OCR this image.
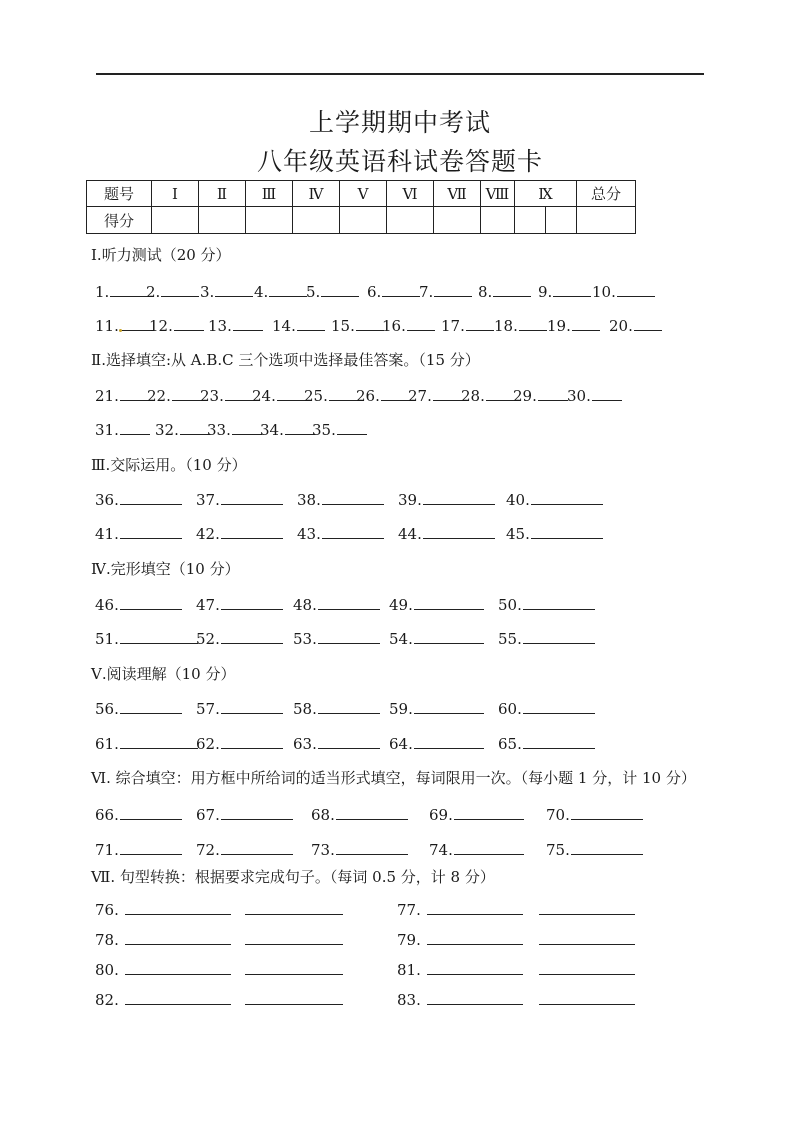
上学期期中考试
八年级英语科试卷答题卡
题号	Ⅰ	Ⅱ	Ⅲ	Ⅳ	Ⅴ	Ⅵ	Ⅶ	Ⅷ	Ⅸ		总分
得分											
Ⅰ.听力测试（20 分）
1.	2.	3.	4.	5.	6.	7.	8.	9.	10.
11.	12.	13.	14.	15.	16.	17.	18.	19.	20.
Ⅱ.选择填空:从 A.B.C 三个选项中选择最佳答案。（15 分）
21.	22.	23.	24.	25.	26.	27.	28.	29.	30.
31.	32.	33.	34.	35.
Ⅲ.交际运用。（10 分）
36.	37.	38.	39.	40.
41.	42.	43.	44.	45.
Ⅳ.完形填空（10 分）
46.	47.	48.	49.	50.
51.	52.	53.	54.	55.
Ⅴ.阅读理解（10 分）
56.	57.	58.	59.	60.
61.	62.	63.	64.	65.
Ⅵ. 综合填空：用方框中所给词的适当形式填空，每词限用一次。（每小题 1 分，计 10 分）
66.	67.	68.	69.	70.
71.	72.	73.	74.	75.
Ⅶ. 句型转换：根据要求完成句子。（每词 0.5 分，计 8 分）
76.	77.
78.	79.
80.	81.
82.	83.
